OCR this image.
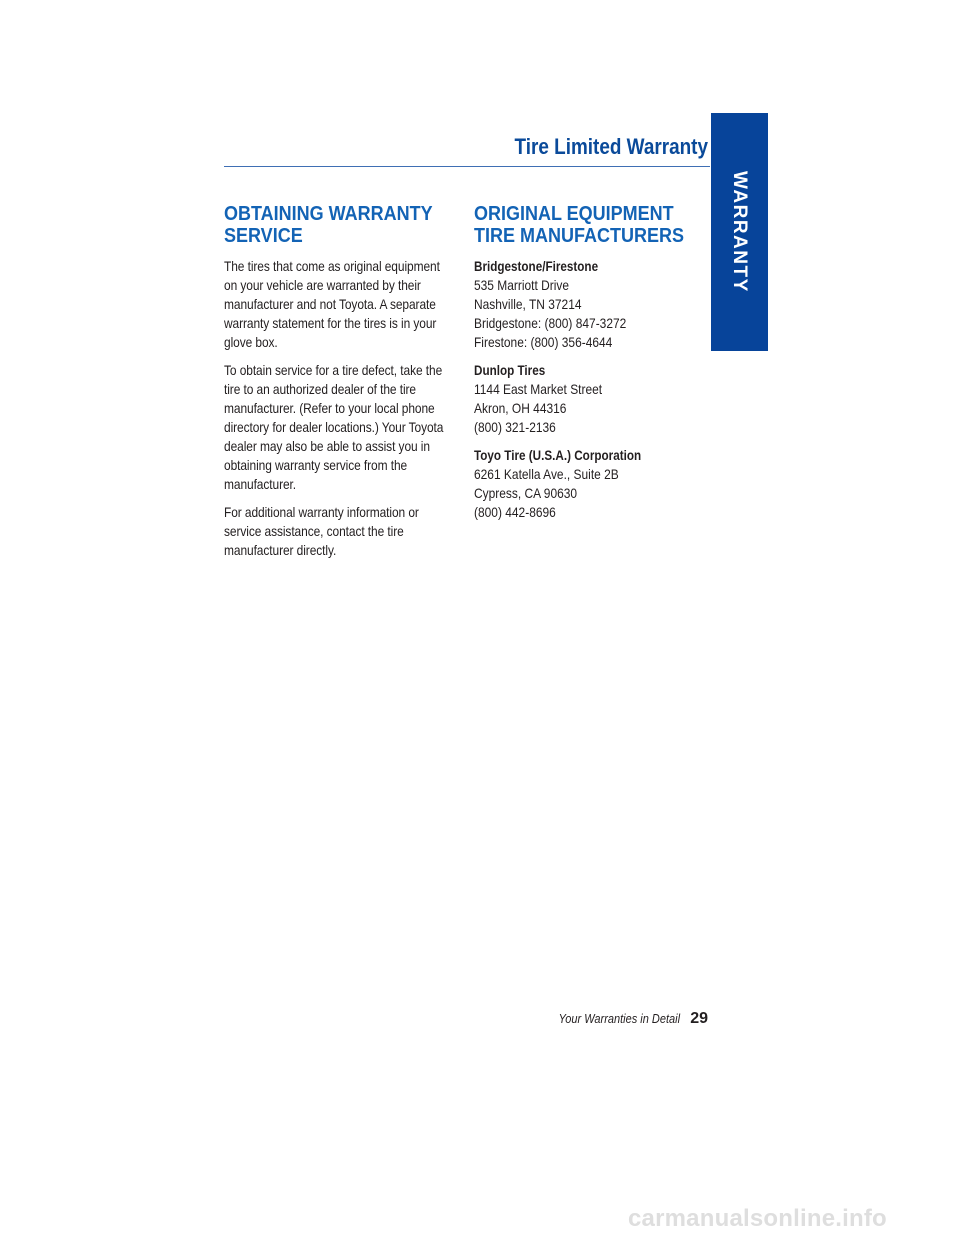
Tire Limited Warranty
WARRANTY
OBTAINING WARRANTY
SERVICE

The tires that come as original equipment
on your vehicle are warranted by their
manufacturer and not Toyota. A separate
warranty statement for the tires is in your
glove box.

To obtain service for a tire defect, take the
tire to an authorized dealer of the tire
manufacturer. (Refer to your local phone
directory for dealer locations.) Your Toyota
dealer may also be able to assist you in
obtaining warranty service from the
manufacturer.

For additional warranty information or
service assistance, contact the tire
manufacturer directly.

ORIGINAL EQUIPMENT
TIRE MANUFACTURERS
Bridgestone/Firestone
535 Marriott Drive
Nashville, TN 37214
Bridgestone: (800) 847-3272
Firestone: (800) 356-4644
Dunlop Tires
1144 East Market Street
Akron, OH 44316
(800) 321-2136
Toyo Tire (U.S.A.) Corporation
6261 Katella Ave., Suite 2B
Cypress, CA 90630
(800) 442-8696
Your Warranties in Detail 29
carmanualsonline.info
